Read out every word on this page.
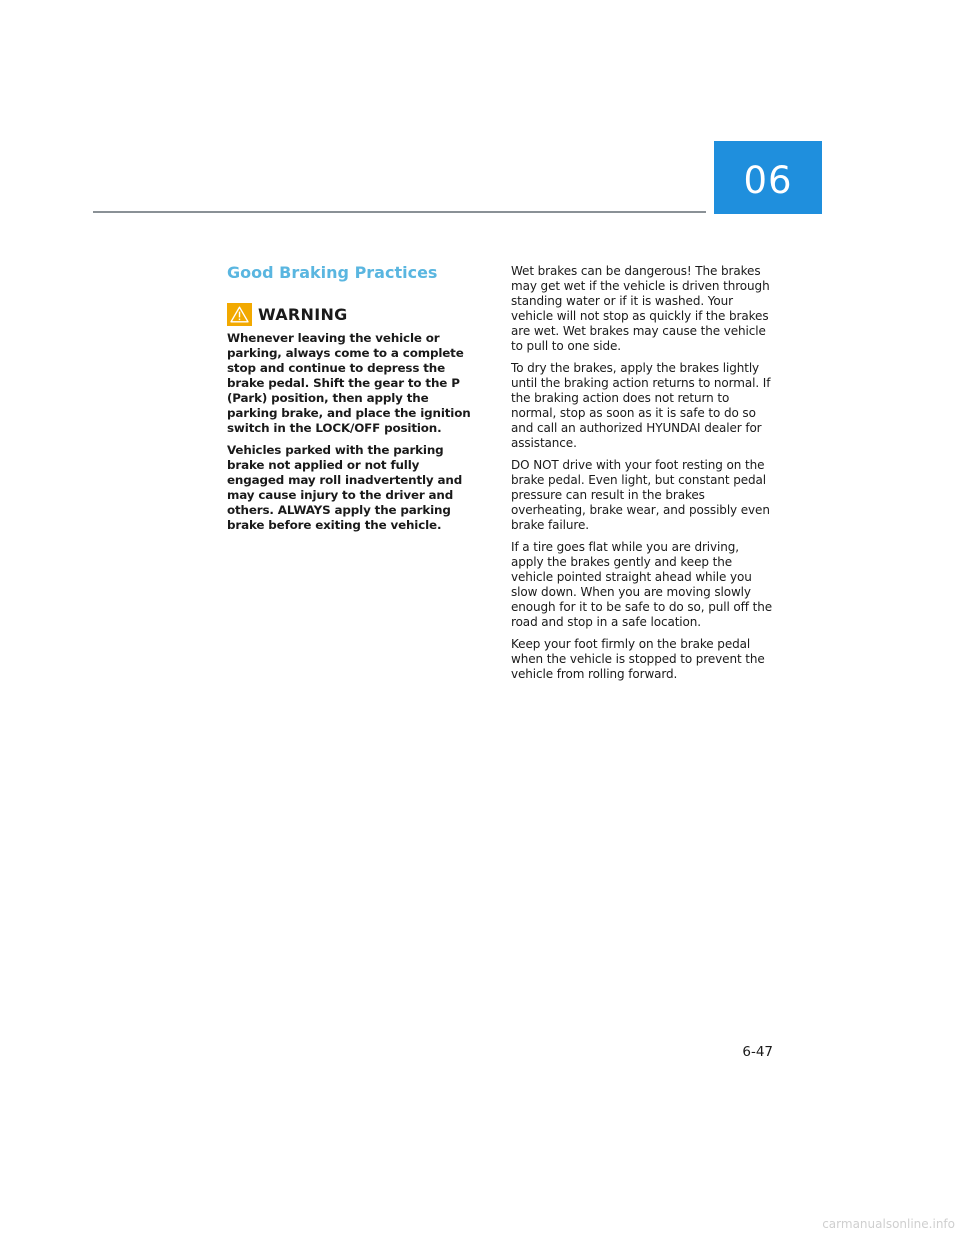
06
Good Braking Practices
WARNING

Whenever leaving the vehicle or parking, always come to a complete stop and continue to depress the brake pedal. Shift the gear to the P (Park) position, then apply the parking brake, and place the ignition switch in the LOCK/OFF position.

Vehicles parked with the parking brake not applied or not fully engaged may roll inadvertently and may cause injury to the driver and others. ALWAYS apply the parking brake before exiting the vehicle.

Wet brakes can be dangerous! The brakes may get wet if the vehicle is driven through standing water or if it is washed. Your vehicle will not stop as quickly if the brakes are wet. Wet brakes may cause the vehicle to pull to one side.

To dry the brakes, apply the brakes lightly until the braking action returns to normal. If the braking action does not return to normal, stop as soon as it is safe to do so and call an authorized HYUNDAI dealer for assistance.

DO NOT drive with your foot resting on the brake pedal. Even light, but constant pedal pressure can result in the brakes overheating, brake wear, and possibly even brake failure.

If a tire goes flat while you are driving, apply the brakes gently and keep the vehicle pointed straight ahead while you slow down. When you are moving slowly enough for it to be safe to do so, pull off the road and stop in a safe location.

Keep your foot firmly on the brake pedal when the vehicle is stopped to prevent the vehicle from rolling forward.

6-47
carmanualsonline.info
